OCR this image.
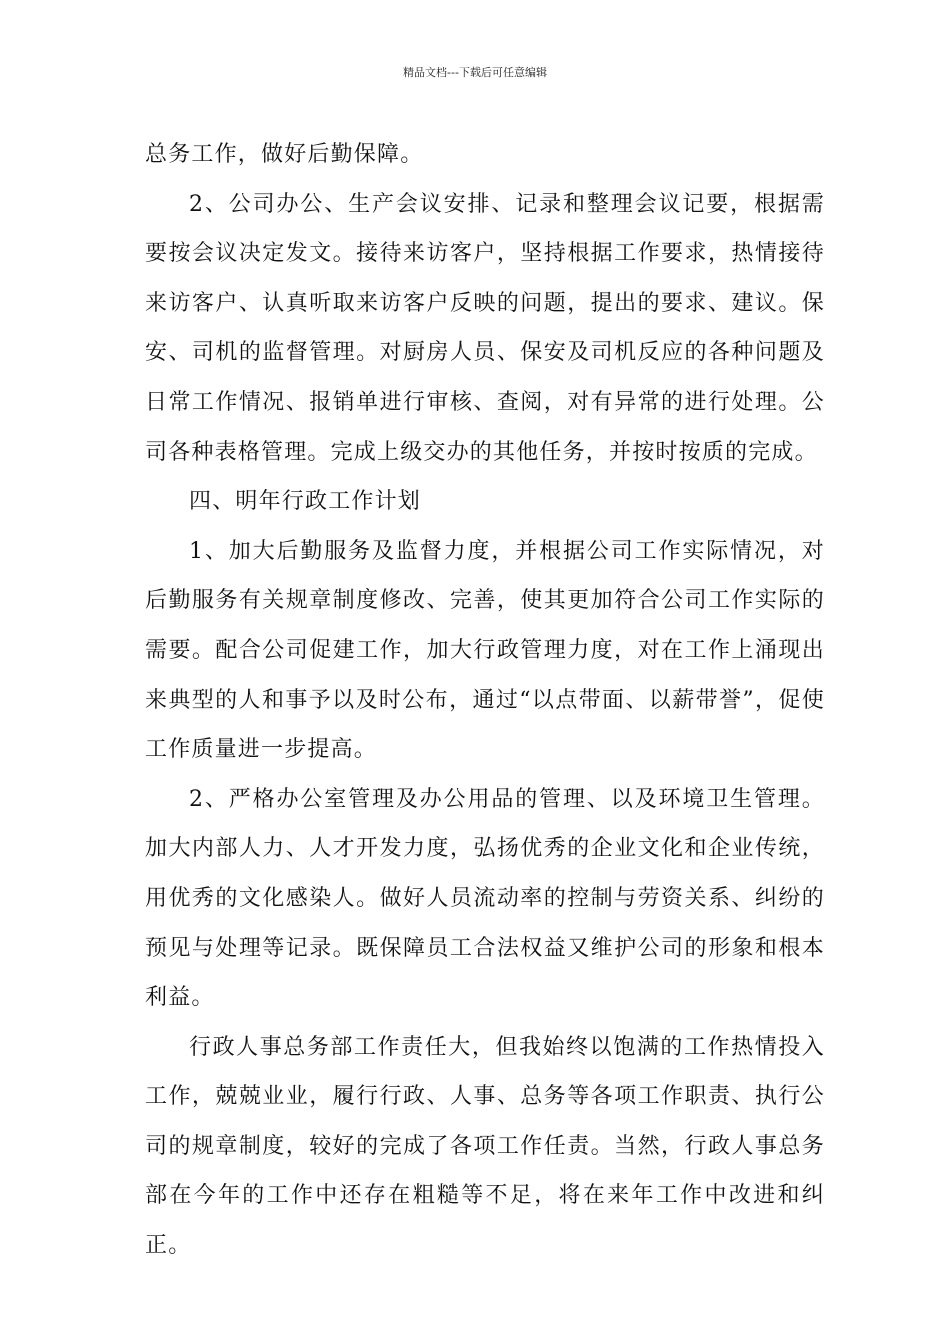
精品文档---下载后可任意编辑

总务工作，做好后勤保障。

2、公司办公、生产会议安排、记录和整理会议记要，根据需要按会议决定发文。接待来访客户，坚持根据工作要求，热情接待来访客户、认真听取来访客户反映的问题，提出的要求、建议。保安、司机的监督管理。对厨房人员、保安及司机反应的各种问题及日常工作情况、报销单进行审核、查阅，对有异常的进行处理。公司各种表格管理。完成上级交办的其他任务，并按时按质的完成。

四、明年行政工作计划

1、加大后勤服务及监督力度，并根据公司工作实际情况，对后勤服务有关规章制度修改、完善，使其更加符合公司工作实际的需要。配合公司促建工作，加大行政管理力度，对在工作上涌现出来典型的人和事予以及时公布，通过“以点带面、以薪带誉”，促使工作质量进一步提高。

2、严格办公室管理及办公用品的管理、以及环境卫生管理。加大内部人力、人才开发力度，弘扬优秀的企业文化和企业传统，用优秀的文化感染人。做好人员流动率的控制与劳资关系、纠纷的预见与处理等记录。既保障员工合法权益又维护公司的形象和根本利益。

行政人事总务部工作责任大，但我始终以饱满的工作热情投入工作，兢兢业业，履行行政、人事、总务等各项工作职责、执行公司的规章制度，较好的完成了各项工作任责。当然，行政人事总务部在今年的工作中还存在粗糙等不足，将在来年工作中改进和纠正。
